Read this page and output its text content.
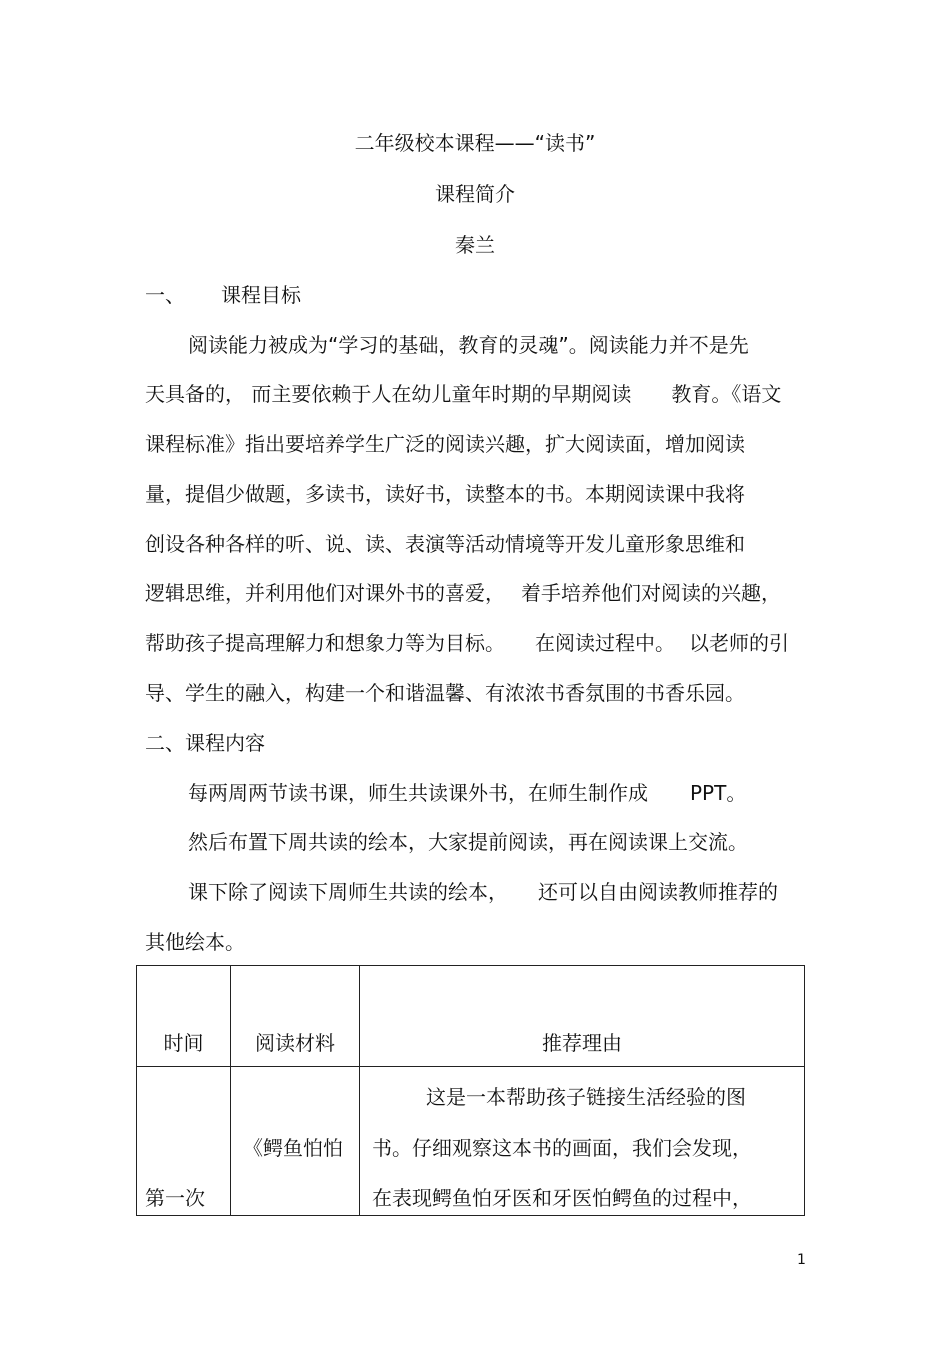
二年级校本课程——“读书”
课程简介
秦兰
一、 课程目标
阅读能力被成为“学习的基础，教育的灵魂”。阅读能力并不是先
天具备的， 而主要依赖于人在幼儿童年时期的早期阅读 教育。《语文
课程标准》指出要培养学生广泛的阅读兴趣，扩大阅读面，增加阅读
量，提倡少做题，多读书，读好书，读整本的书。本期阅读课中我将
创设各种各样的听、说、读、表演等活动情境等开发儿童形象思维和
逻辑思维，并利用他们对课外书的喜爱， 着手培养他们对阅读的兴趣，
帮助孩子提高理解力和想象力等为目标。 在阅读过程中。 以老师的引
导、学生的融入，构建一个和谐温馨、有浓浓书香氛围的书香乐园。
二、课程内容
每两周两节读书课，师生共读课外书，在师生制作成 PPT。
然后布置下周共读的绘本，大家提前阅读，再在阅读课上交流。
课下除了阅读下周师生共读的绘本， 还可以自由阅读教师推荐的
其他绘本。
时间	阅读材料	推荐理由

第一次	《鳄鱼怕怕	这是一本帮助孩子链接生活经验的图
书。仔细观察这本书的画面，我们会发现，
在表现鳄鱼怕牙医和牙医怕鳄鱼的过程中，
1
